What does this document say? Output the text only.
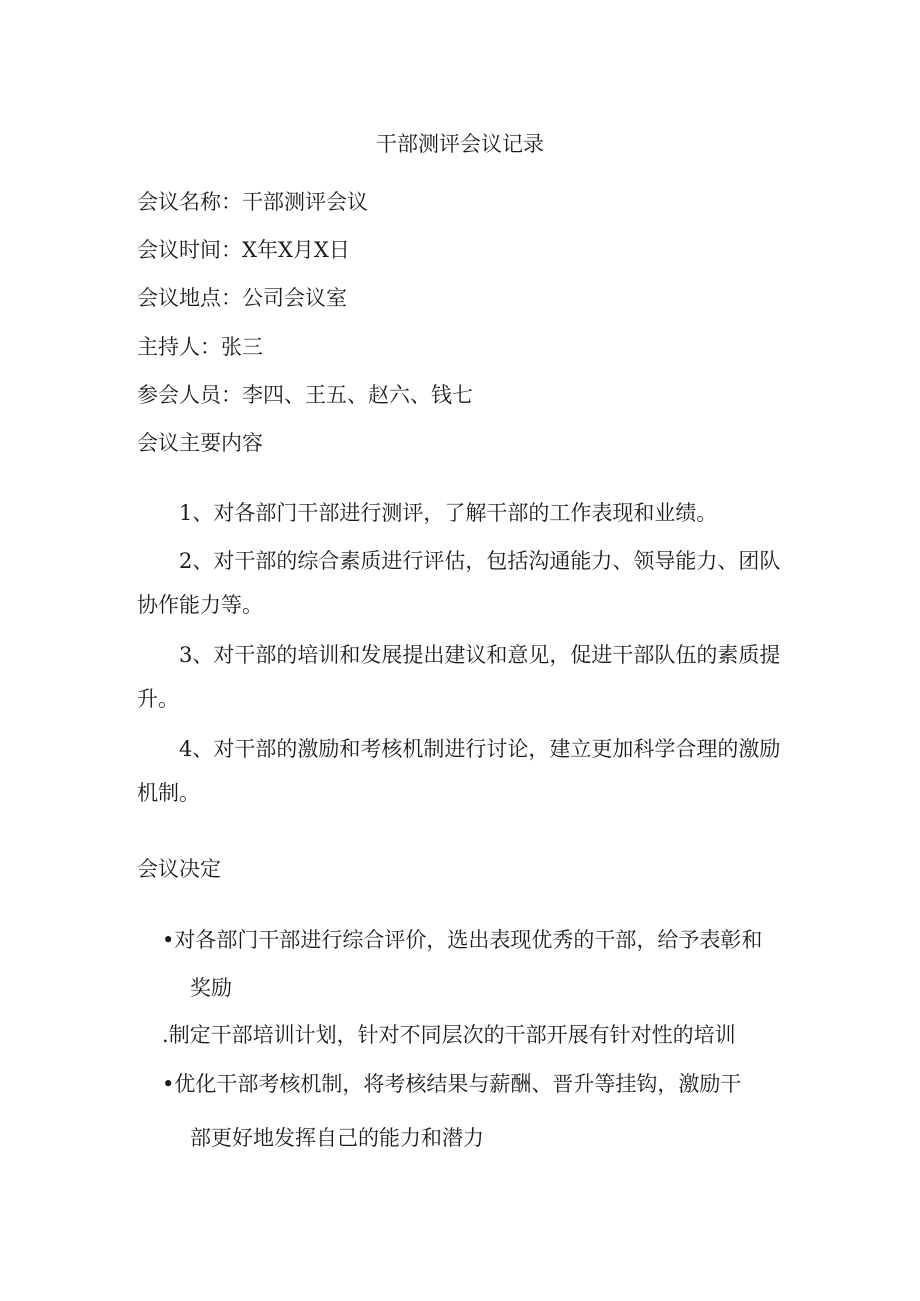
干部测评会议记录

会议名称：干部测评会议

会议时间：X年X月X日

会议地点：公司会议室

主持人：张三

参会人员：李四、王五、赵六、钱七

会议主要内容

1、对各部门干部进行测评，了解干部的工作表现和业绩。

2、对干部的综合素质进行评估，包括沟通能力、领导能力、团队协作能力等。

3、对干部的培训和发展提出建议和意见，促进干部队伍的素质提升。

4、对干部的激励和考核机制进行讨论，建立更加科学合理的激励机制。

会议决定

•对各部门干部进行综合评价，选出表现优秀的干部，给予表彰和
奖励
.制定干部培训计划，针对不同层次的干部开展有针对性的培训
•优化干部考核机制，将考核结果与薪酬、晋升等挂钩，激励干
部更好地发挥自己的能力和潜力
